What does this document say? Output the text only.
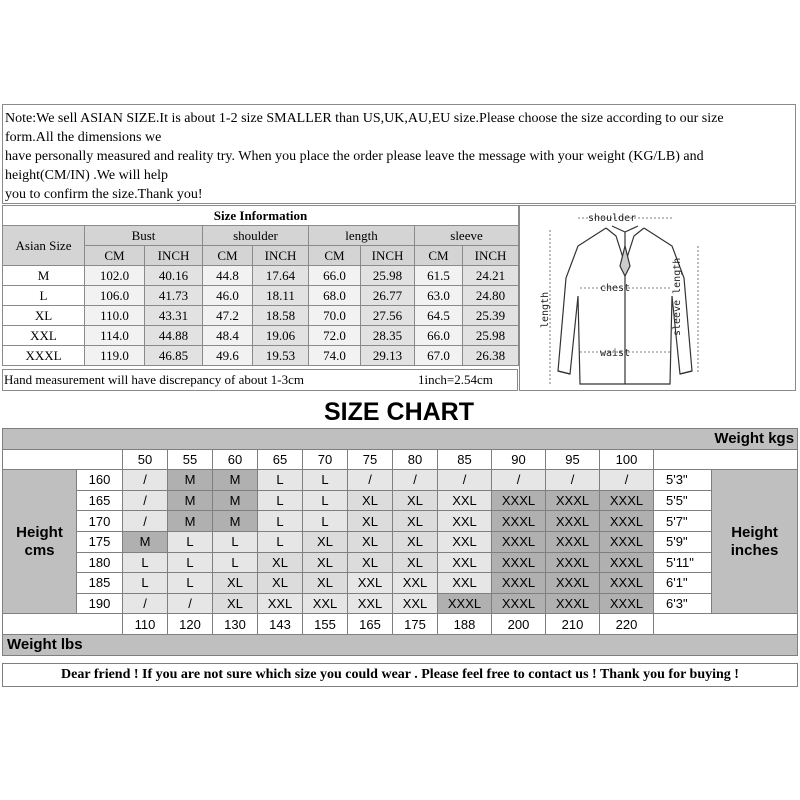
Note:We sell ASIAN SIZE.It is about 1-2 size SMALLER than US,UK,AU,EU size.Please choose the size according to our size
form.All the dimensions we
have personally measured and reality try. When you place the order please leave the message with your weight (KG/LB) and
height(CM/IN) .We will help
you to confirm the size.Thank you!
Size Information								
Asian Size	Bust		shoulder		length		sleeve	
	CM	INCH	CM	INCH	CM	INCH	CM	INCH
M	102.0	40.16	44.8	17.64	66.0	25.98	61.5	24.21
L	106.0	41.73	46.0	18.11	68.0	26.77	63.0	24.80
XL	110.0	43.31	47.2	18.58	70.0	27.56	64.5	25.39
XXL	114.0	44.88	48.4	19.06	72.0	28.35	66.0	25.98
XXXL	119.0	46.85	49.6	19.53	74.0	29.13	67.0	26.38
Hand measurement will have discrepancy of about 1-3cm	1inch=2.54cm
shoulder
chest
waist
length	sleeve length
SIZE CHART
Weight kgs														
		50	55	60	65	70	75	80	85	90	95	100		
Height cms	160	/	M	M	L	L	/	/	/	/	/	/	5'3"	Height inches
	165	/	M	M	L	L	XL	XL	XXL	XXXL	XXXL	XXXL	5'5"	
	170	/	M	M	L	L	XL	XL	XXL	XXXL	XXXL	XXXL	5'7"	
	175	M	L	L	L	XL	XL	XL	XXL	XXXL	XXXL	XXXL	5'9"	
	180	L	L	L	XL	XL	XL	XL	XXL	XXXL	XXXL	XXXL	5'11"	
	185	L	L	XL	XL	XL	XXL	XXL	XXL	XXXL	XXXL	XXXL	6'1"	
	190	/	/	XL	XXL	XXL	XXL	XXL	XXXL	XXXL	XXXL	XXXL	6'3"	
		110	120	130	143	155	165	175	188	200	210	220		
Weight lbs														
Dear friend ! If you are not sure which size you could wear . Please feel free to contact us ! Thank you for buying !
